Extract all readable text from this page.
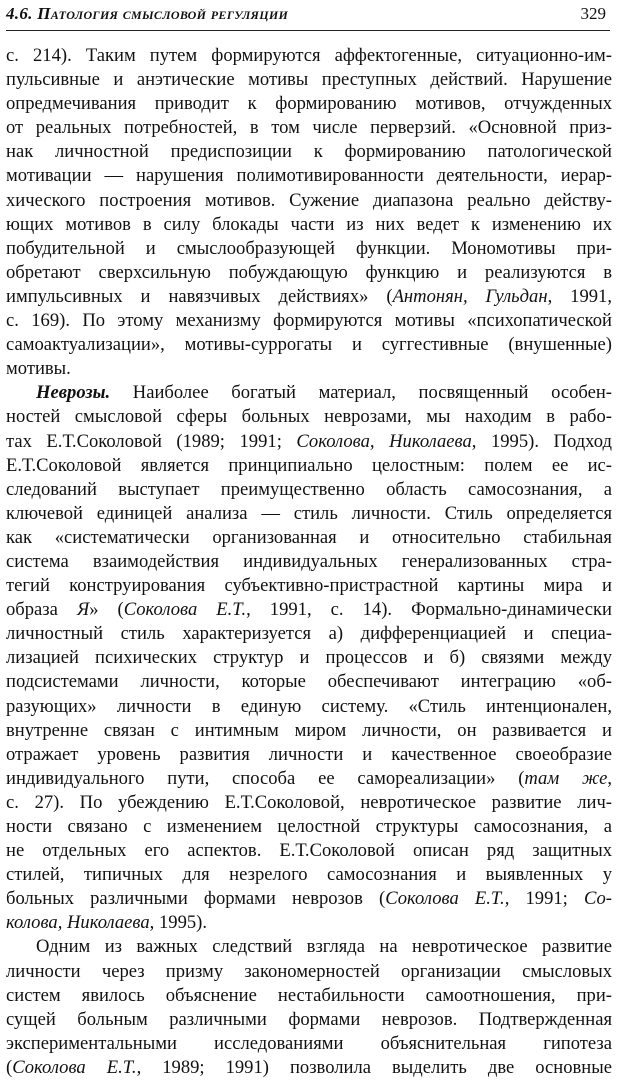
4.6. Патология смысловой регуляции	329
с. 214). Таким путем формируются аффектогенные, ситуационно-им-
пульсивные и анэтические мотивы преступных действий. Нарушение
опредмечивания приводит к формированию мотивов, отчужденных
от реальных потребностей, в том числе перверзий. «Основной приз-
нак личностной предиспозиции к формированию патологической
мотивации — нарушения полимотивированности деятельности, иерар-
хического построения мотивов. Сужение диапазона реально действу-
ющих мотивов в силу блокады части из них ведет к изменению их
побудительной и смыслообразующей функции. Мономотивы при-
обретают сверхсильную побуждающую функцию и реализуются в
импульсивных и навязчивых действиях» (Антонян, Гульдан, 1991,
с. 169). По этому механизму формируются мотивы «психопатической
самоактуализации», мотивы-суррогаты и суггестивные (внушенные)
мотивы.
Неврозы. Наиболее богатый материал, посвященный особен-
ностей смысловой сферы больных неврозами, мы находим в рабо-
тах Е.Т.Соколовой (1989; 1991; Соколова, Николаева, 1995). Подход
Е.Т.Соколовой является принципиально целостным: полем ее ис-
следований выступает преимущественно область самосознания, а
ключевой единицей анализа — стиль личности. Стиль определяется
как «систематически организованная и относительно стабильная
система взаимодействия индивидуальных генерализованных стра-
тегий конструирования субъективно-пристрастной картины мира и
образа Я» (Соколова Е.Т., 1991, с. 14). Формально-динамически
личностный стиль характеризуется а) дифференциацией и специа-
лизацией психических структур и процессов и б) связями между
подсистемами личности, которые обеспечивают интеграцию «об-
разующих» личности в единую систему. «Стиль интенционален,
внутренне связан с интимным миром личности, он развивается и
отражает уровень развития личности и качественное своеобразие
индивидуального пути, способа ее самореализации» (там же,
с. 27). По убеждению Е.Т.Соколовой, невротическое развитие лич-
ности связано с изменением целостной структуры самосознания, а
не отдельных его аспектов. Е.Т.Соколовой описан ряд защитных
стилей, типичных для незрелого самосознания и выявленных у
больных различными формами неврозов (Соколова Е.Т., 1991; Со-
колова, Николаева, 1995).
Одним из важных следствий взгляда на невротическое развитие
личности через призму закономерностей организации смысловых
систем явилось объяснение нестабильности самоотношения, при-
сущей больным различными формами неврозов. Подтвержденная
экспериментальными исследованиями объяснительная гипотеза
(Соколова Е.Т., 1989; 1991) позволила выделить две основные
